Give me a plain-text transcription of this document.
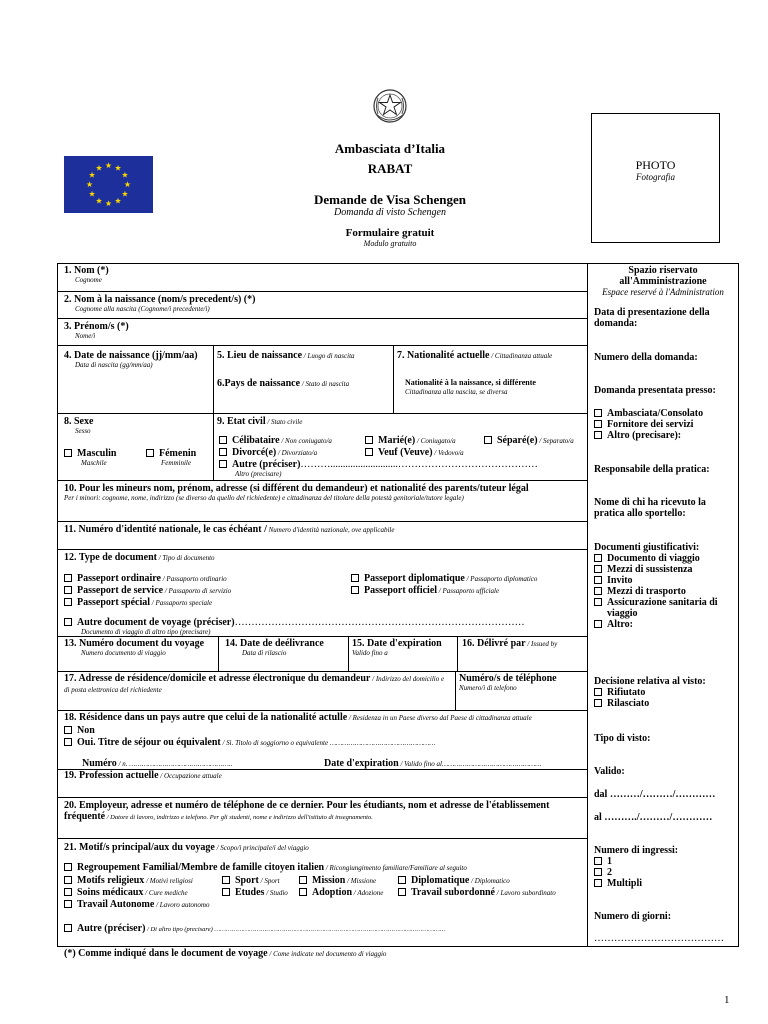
Ambasciata d’Italia
RABAT
Demande de Visa Schengen
Domanda di visto Schengen
Formulaire gratuit
Modulo gratuito
PHOTO
Fotografia
1. Nom (*)
Cognome
2. Nom à la naissance (nom/s precedent/s) (*)
Cognome alla nascita (Cognome/i precedente/i)
3. Prénom/s (*)
Nome/i
4. Date de naissance (jj/mm/aa)
Data di nascita (gg/mm/aa)
5. Lieu de naissance / Luogo di nascita
6.Pays de naissance / Stato di nascita
7. Nationalité actuelle / Cittadinanza attuale
Nationalité à la naissance, si différente
Cittadinanza alla nascita, se diversa
8. Sexe
Sesso
Masculin
Maschile
Fémenin
Femminile
9. Etat civil / Stato civile
Célibataire / Non coniugato/a	Marié(e) / Coniugato/a	Séparé(e) / Separato/a
Divorcé(e) / Divorziato/a	Veuf (Veuve) / Vedovo/a
Autre (préciser)………...........................……………………………………
Altro (precisare)
10. Pour les mineurs nom, prénom, adresse (si différent du demandeur) et nationalité des parents/tuteur légal
Per i minori: cognome, nome, indirizzo (se diverso da quello del richiedente) e cittadinanza del titolare della potestà genitoriale/tutore legale)
11. Numéro d'identité nationale, le cas échéant / Numero d'identità nazionale, ove applicabile
12. Type de document / Tipo di documento
Passeport ordinaire / Passaporto ordinario	Passeport diplomatique / Passaporto diplomatico
Passeport de service / Passaporto di servizio	Passeport officiel / Passaporto ufficiale
Passeport spécial / Passaporto speciale
Autre document de voyage (préciser)……………………………………………………………………………
Documento di viaggio di altro tipo (precisare)
13. Numéro document du voyage
Numero documento di viaggio
14. Date de deélivrance
Data di rilascio
15. Date d'expiration
Valido fino a
16. Délivré par / Issued by
17. Adresse de résidence/domicile et adresse électronique du demandeur / Indirizzo del domicilio e di posta elettronica del richiedente
Numéro/s de téléphone
Numero/i di telefono
18. Résidence dans un pays autre que celui de la nationalité actulle / Residenza in un Paese diverso dal Paese di cittadinanza attuale
Non
Oui. Titre de séjour ou équivalent / Sì. Titolo di soggiorno o equivalente ……………………………………………
Numéro / n. …………………………………………..	Date d'expiration / Valido fino al…………………………………………
19. Profession actuelle / Occupazione attuale
20. Employeur, adresse et numéro de téléphone de ce dernier. Pour les étudiants, nom et adresse de l'établissement
fréquenté / Datore di lavoro, indirizzo e telefono. Per gli studenti, nome e indirizzo dell'istituto di insegnamento.
21. Motif/s principal/aux du voyage / Scopo/i principale/i del viaggio
Regroupement Familial/Membre de famille citoyen italien / Ricongiungimento familiare/Familiare al seguito
Motifs religieux / Motivi religiosi	Sport / Sport	Mission / Missione	Diplomatique / Diplomatico
Soins médicaux / Cure mediche	Etudes / Studio	Adoption / Adozione	Travail subordonné / Lavoro subordinato
Travail Autonome / Lavoro autonomo
Autre (préciser) / Di altro tipo (precisare) …………………………………………………………………………………………………………
(*) Comme indiqué dans le document de voyage / Come indicate nel documento di viaggio
Spazio riservato
all'Amministrazione
Espace reservé à l'Administration
Data di presentazione della domanda:
Numero della domanda:
Domanda presentata presso:
Ambasciata/Consolato
Fornitore dei servizi
Altro (precisare):
Responsabile della pratica:
Nome di chi ha ricevuto la pratica allo sportello:
Documenti giustificativi:
Documento di viaggio
Mezzi di sussistenza
Invito
Mezzi di trasporto
Assicurazione sanitaria di viaggio
Altro:
Decisione relativa al visto:
Rifiutato
Rilasciato
Tipo di visto:
Valido:
dal ………/………/…………
al ………./………/…………
Numero di ingressi:
1
2
Multipli
Numero di giorni:
…………………………………
1
